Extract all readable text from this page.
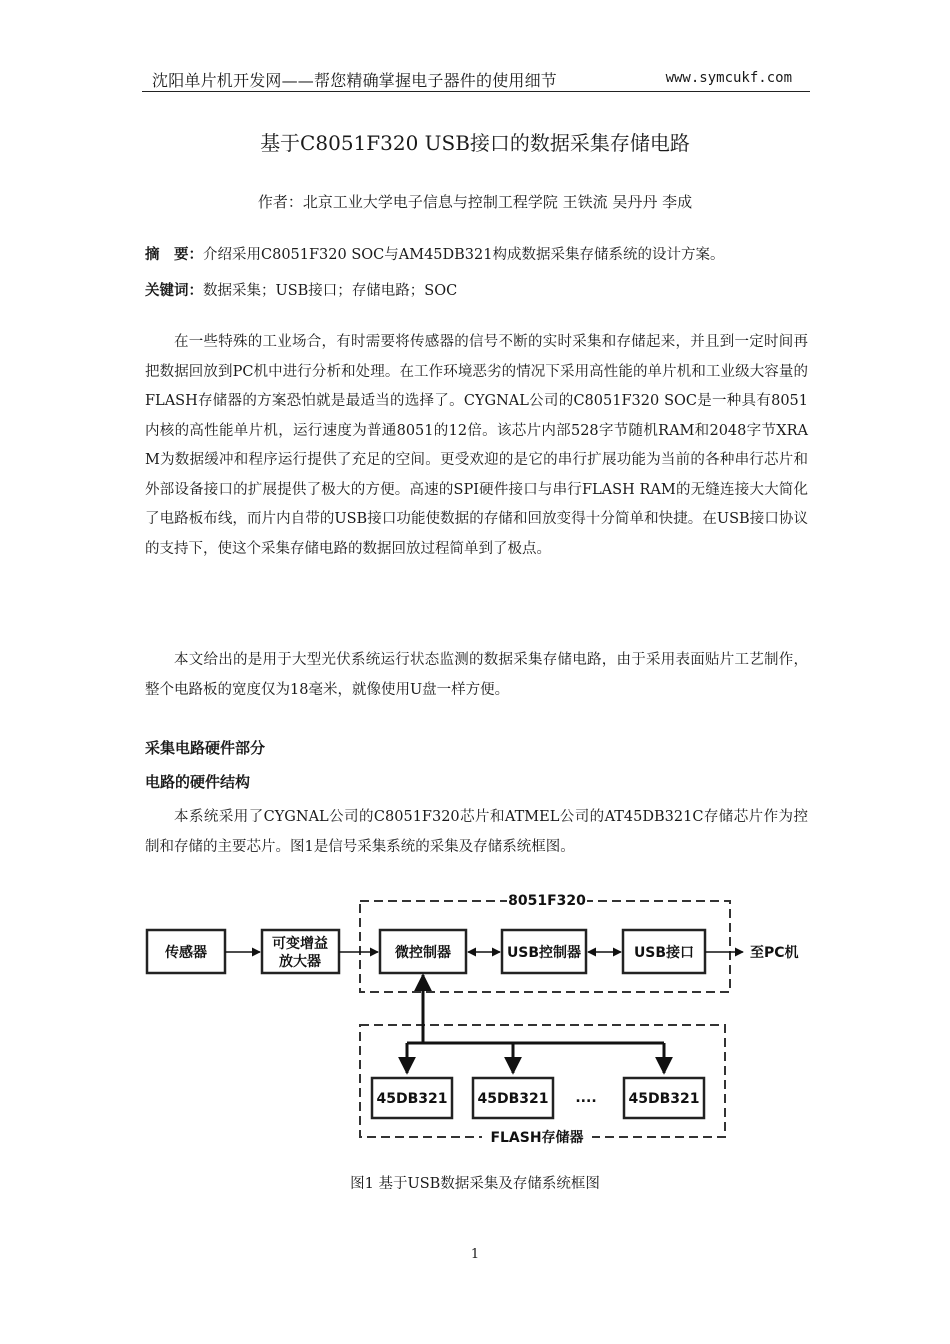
沈阳单片机开发网——帮您精确掌握电子器件的使用细节	www.symcukf.com
基于C8051F320 USB接口的数据采集存储电路
作者：北京工业大学电子信息与控制工程学院 王铁流 吴丹丹 李成
摘　要：介绍采用C8051F320 SOC与AM45DB321构成数据采集存储系统的设计方案。
关键词：数据采集；USB接口；存储电路；SOC
在一些特殊的工业场合，有时需要将传感器的信号不断的实时采集和存储起来，并且到一定时间再把数据回放到PC机中进行分析和处理。在工作环境恶劣的情况下采用高性能的单片机和工业级大容量的FLASH存储器的方案恐怕就是最适当的选择了。CYGNAL公司的C8051F320 SOC是一种具有8051内核的高性能单片机，运行速度为普通8051的12倍。该芯片内部528字节随机RAM和2048字节XRAM为数据缓冲和程序运行提供了充足的空间。更受欢迎的是它的串行扩展功能为当前的各种串行芯片和外部设备接口的扩展提供了极大的方便。高速的SPI硬件接口与串行FLASH RAM的无缝连接大大简化了电路板布线，而片内自带的USB接口功能使数据的存储和回放变得十分简单和快捷。在USB接口协议的支持下，使这个采集存储电路的数据回放过程简单到了极点。
本文给出的是用于大型光伏系统运行状态监测的数据采集存储电路，由于采用表面贴片工艺制作，整个电路板的宽度仅为18毫米，就像使用U盘一样方便。
采集电路硬件部分
电路的硬件结构
本系统采用了CYGNAL公司的C8051F320芯片和ATMEL公司的AT45DB321C存储芯片作为控制和存储的主要芯片。图1是信号采集系统的采集及存储系统框图。
8051F320
FLASH存储器
传感器
可变增益
放大器
微控制器	USB控制器	USB接口	至PC机
45DB321 45DB321 .... 45DB321
图1 基于USB数据采集及存储系统框图
1
